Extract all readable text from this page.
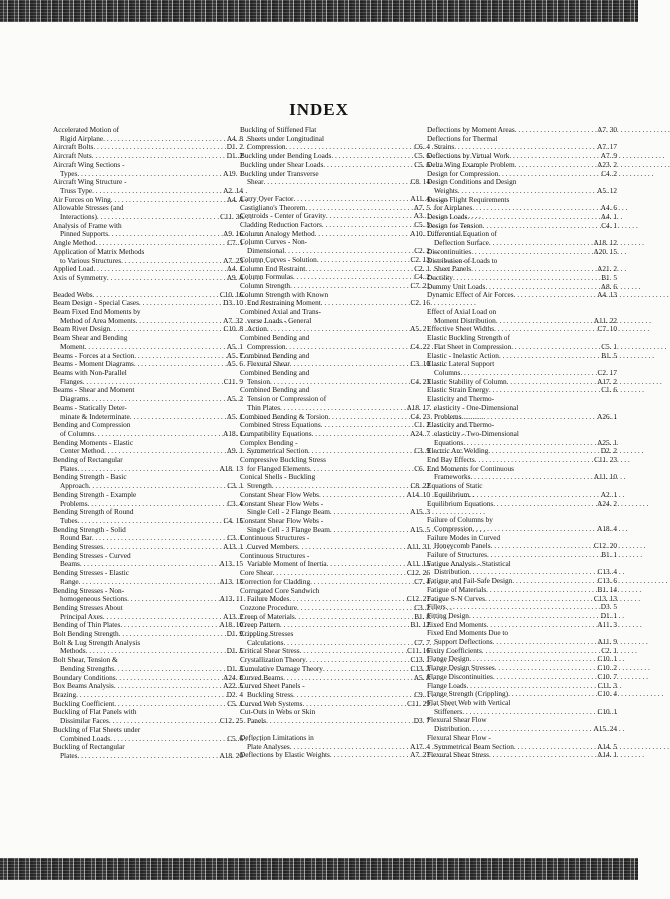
INDEX
Accelerated Motion of
Rigid Airplane . . .	A4. 8
Aircraft Bolts . . .	D1. 2
Aircraft Nuts . . .	D1. 2
Aircraft Wing Sections -
Types . . .	A19. 1
Aircraft Wing Structure -
Truss Type . . .	A2. 14
Air Forces on Wing . . .	A4. 4
Allowable Stresses (and
Interactions) . . .	C11. 36
Analysis of Frame with
Pinned Supports . . .	A9. 16
Angle Method . . .	C7. 1
Application of Matrix Methods
to Various Structures . . .	A7. 23
Applied Load . . .	A4. 1
Axis of Symmetry . . .	A9. 4
Beaded Webs . . .	C10. 16
Beam Design - Special Cases . . .	D3. 10
Beam Fixed End Moments by
Method of Area Moments . . .	A7. 32
Beam Rivet Design . . .	C10. 8
Beam Shear and Bending
Moment . . .	A5. 1
Beams - Forces at a Section . . .	A5. 7
Beams - Moment Diagrams . . .	A5. 6
Beams with Non-Parallel
Flanges . . .	C11. 9
Beams - Shear and Moment
Diagrams . . .	A5. 2
Beams - Statically Deter-
minate & Indeterminate . . .	A5. 1
Bending and Compression
of Columns . . .	A18. 1
Bending Moments - Elastic
Center Method . . .	A9. 1
Bending of Rectangular
Plates . . .	A18. 13
Bending Strength - Basic
Approach . . .	C3. 1
Bending Strength - Example
Problems . . .	C3. 4
Bending Strength of Round
Tubes . . .	C4. 15
Bending Strength - Solid
Round Bar . . .	C3. 1
Bending Stresses . . .	A13. 1
Bending Stresses - Curved
Beams . . .	A13. 15
Bending Stresses - Elastic
Range . . .	A13. 13
Bending Stresses - Non-
homogeneous Sections . . .	A13. 11
Bending Stresses About
Principal Axes . . .	A13. 2
Bending of Thin Plates . . .	A18. 10
Bolt Bending Strength . . .	D1. 9
Bolt & Lug Strength Analysis
Methods . . .	D1. 5
Bolt Shear, Tension &
Bending Strengths . . .	D1. 3
Boundary Conditions . . .	A24. 8
Box Beams Analysis . . .	A22. 5
Brazing . . .	D2. 4
Buckling Coefficient . . .	C5. 1
Buckling of Flat Panels with
Dissimilar Faces . . .	C12. 25
Buckling of Flat Sheets under
Combined Loads . . .	C5. 6
Buckling of Rectangular
Plates . . .	A18. 20
Buckling of Stiffened Flat
Sheets under Longitudinal
Compression . . .	C6. 4
Buckling under Bending Loads . . .	C5. 6
Buckling under Shear Loads . . .	C5. 6
Buckling under Transverse
Shear . . .	C8. 14
Carry Over Factor . . .	A11. 4
Castigliano's Theorem . . .	A7. 5
Centroids - Center of Gravity . . .	A3. 1
Cladding Reduction Factors . . .	C5. 5
Column Analogy Method . . .	A10. 1
Column Curves - Non-
Dimensional . . .	C2. 2
Column Curves - Solution . . .	C2. 13
Column End Restraint . . .	C2. 1
Column Formulas . . .	C4. 2
Column Strength . . .	C7. 21
Column Strength with Known
End Restraining Moment . . .	C2. 16
Combined Axial and Trans-
verse Loads - General
Action . . .	A5. 21
Combined Bending and
Compression . . .	C4. 22
Combined Bending and
Flexural Shear . . .	C3. 10
Combined Bending and
Tension . . .	C4. 23
Combined Bending and
Tension or Compression of
Thin Plates . . .	A18. 17
Combined Bending & Torsion . . .	C4. 23
Combined Stress Equations . . .	C1. 2
Compatibility Equations . . .	A24. 7
Complex Bending -
Symmetrical Section . . .	C3. 9
Compressive Buckling Stress
for Flanged Elements . . .	C6. 1
Conical Shells - Buckling
Strength . . .	C8. 22
Constant Shear Flow Webs . . .	A14. 10
Constant Shear Flow Webs -
Single Cell - 2 Flange Beam . . .	A15. 3
Constant Shear Flow Webs -
Single Cell - 3 Flange Beam . . .	A15. 5
Continuous Structures -
Curved Members . . .	A11. 31
Continuous Structures -
Variable Moment of Inertia . . .	A11. 15
Core Shear . . .	C12. 26
Correction for Cladding . . .	C7. 4
Corrugated Core Sandwich
Failure Modes . . .	C12. 27
Cozzone Procedure . . .	C3. 2
Creep of Materials . . .	B1. 8
Creep Pattern . . .	B1. 12
Crippling Stresses
Calculations . . .	C7. 7
Critical Shear Stress . . .	C11. 16
Crystallization Theory . . .	C13. 1
Cumulative Damage Theory . . .	C13. 3
Curved Beams . . .	A5. 8
Curved Sheet Panels -
Buckling Stress . . .	C9. 1
Curved Web Systems . . .	C11. 29
Cut-Outs in Webs or Skin
Panels . . .	D3. 7
Deflection Limitations in
Plate Analyses . . .	A17. 4
Deflections by Elastic Weights . . .	A7. 27
Deflections by Moment Areas . . .	A7. 30
Deflections for Thermal
Strains . . .	A7. 17
Deflections by Virtual Work . . .	A7. 9
Delta Wing Example Problem . . .	A23. 2
Design for Compression . . .	C4. 2
Design Conditions and Design
Weights . . .	A5. 12
Design Flight Requirements
for Airplanes . . .	A4. 6
Design Loads . . .	A4. 1
Design for Tension . . .	C4. 1
Differential Equation of
Deflection Surface . . .	A18. 12
Discontinuities . . .	A20. 15
Distribution of Loads to
Sheet Panels . . .	A21. 2
Ductility . . .	B1. 5
Dummy Unit Loads . . .	A8. 6
Dynamic Effect of Air Forces . . .	A4. 13
Effect of Axial Load on
Moment Distribution . . .	A11. 22
Effective Sheet Widths . . .	C7. 10
Elastic Buckling Strength of
Flat Sheet in Compression . . .	C5. 1
Elastic - Inelastic Action . . .	B1. 5
Elastic Lateral Support
Columns . . .	C2. 17
Elastic Stability of Column . . .	A17. 2
Elastic Strain Energy . . .	C1. 6
Elasticity and Thermo-
elasticity - One-Dimensional
Problems . . .	A26. 1
Elasticity and Thermo-
elasticity - Two-Dimensional
Equations . . .	A25. 1
Electric Arc Welding . . .	D2. 2
End Bay Effects . . .	C11. 23
End Moments for Continuous
Frameworks . . .	A11. 10
Equations of Static
Equilibrium . . .	A2. 1
Equilibrium Equations . . .	A24. 2
Failure of Columns by
Compression . . .	A18. 4
Failure Modes in Curved
Honeycomb Panels . . .	C12. 20
Failure of Structures . . .	B1. 1
Fatigue Analysis - Statistical
Distribution . . .	C13. 4
Fatigue and Fail-Safe Design . . .	C13. 6
Fatigue of Materials . . .	B1. 14
Fatigue S-N Curves . . .	C13. 13
Fillers . . .	D3. 5
Fitting Design . . .	D1. 1
Fixed End Moments . . .	A11. 3
Fixed End Moments Due to
Support Deflections . . .	A11. 9
Fixity Coefficients . . .	C2. 1
Flange Design . . .	C10. 1
Flange Design Stresses . . .	C10. 2
Flange Discontinuities . . .	C10. 7
Flange Loads . . .	C11. 3
Flange Strength (Crippling) . . .	C10. 4
Flat Sheet Web with Vertical
Stiffeners . . .	C10. 1
Flexural Shear Flow
Distribution . . .	A15. 24
Flexural Shear Flow -
Symmetrical Beam Section . . .	A14. 5
Flexural Shear Stress . . .	A14. 1
